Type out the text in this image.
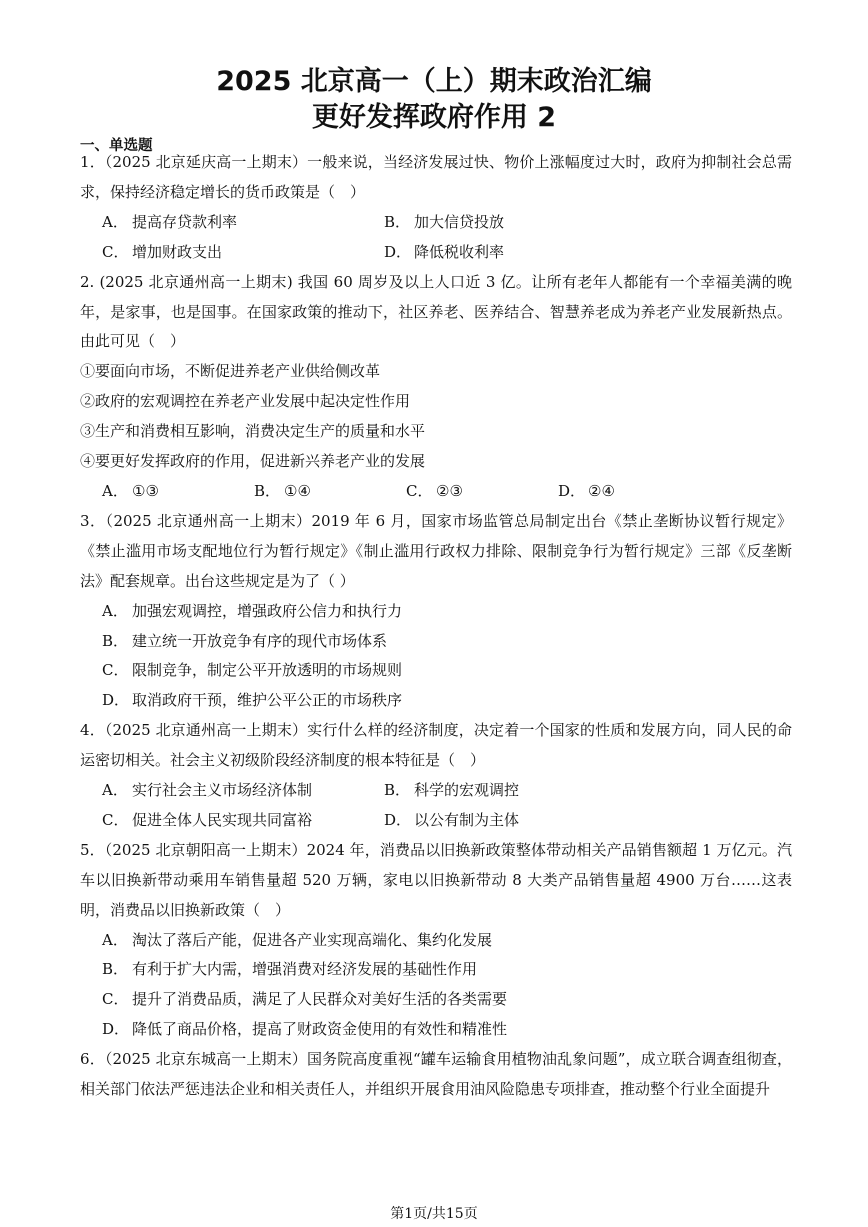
2025 北京高一（上）期末政治汇编
更好发挥政府作用 2
一、单选题

1．（2025 北京延庆高一上期末）一般来说，当经济发展过快、物价上涨幅度过大时，政府为抑制社会总需求，保持经济稳定增长的货币政策是（　）

A． 提高存贷款利率	B． 加大信贷投放
C． 增加财政支出	D． 降低税收利率

2. (2025 北京通州高一上期末) 我国 60 周岁及以上人口近 3 亿。让所有老年人都能有一个幸福美满的晚年，是家事，也是国事。在国家政策的推动下，社区养老、医养结合、智慧养老成为养老产业发展新热点。由此可见（　）

①要面向市场，不断促进养老产业供给侧改革

②政府的宏观调控在养老产业发展中起决定性作用

③生产和消费相互影响，消费决定生产的质量和水平

④要更好发挥政府的作用，促进新兴养老产业的发展

A． ①③	B． ①④	C． ②③	D． ②④

3．（2025 北京通州高一上期末）2019 年 6 月，国家市场监管总局制定出台《禁止垄断协议暂行规定》《禁止滥用市场支配地位行为暂行规定》《制止滥用行政权力排除、限制竞争行为暂行规定》三部《反垄断法》配套规章。出台这些规定是为了（ ）

A． 加强宏观调控，增强政府公信力和执行力
B． 建立统一开放竞争有序的现代市场体系
C． 限制竞争，制定公平开放透明的市场规则
D． 取消政府干预，维护公平公正的市场秩序

4．（2025 北京通州高一上期末）实行什么样的经济制度，决定着一个国家的性质和发展方向，同人民的命运密切相关。社会主义初级阶段经济制度的根本特征是（　）

A． 实行社会主义市场经济体制	B． 科学的宏观调控
C． 促进全体人民实现共同富裕	D． 以公有制为主体

5．（2025 北京朝阳高一上期末）2024 年，消费品以旧换新政策整体带动相关产品销售额超 1 万亿元。汽车以旧换新带动乘用车销售量超 520 万辆，家电以旧换新带动 8 大类产品销售量超 4900 万台……这表明，消费品以旧换新政策（　）

A． 淘汰了落后产能，促进各产业实现高端化、集约化发展
B． 有利于扩大内需，增强消费对经济发展的基础性作用
C． 提升了消费品质，满足了人民群众对美好生活的各类需要
D． 降低了商品价格，提高了财政资金使用的有效性和精准性

6．（2025 北京东城高一上期末）国务院高度重视“罐车运输食用植物油乱象问题”，成立联合调查组彻查，相关部门依法严惩违法企业和相关责任人，并组织开展食用油风险隐患专项排查，推动整个行业全面提升

第1页/共15页
